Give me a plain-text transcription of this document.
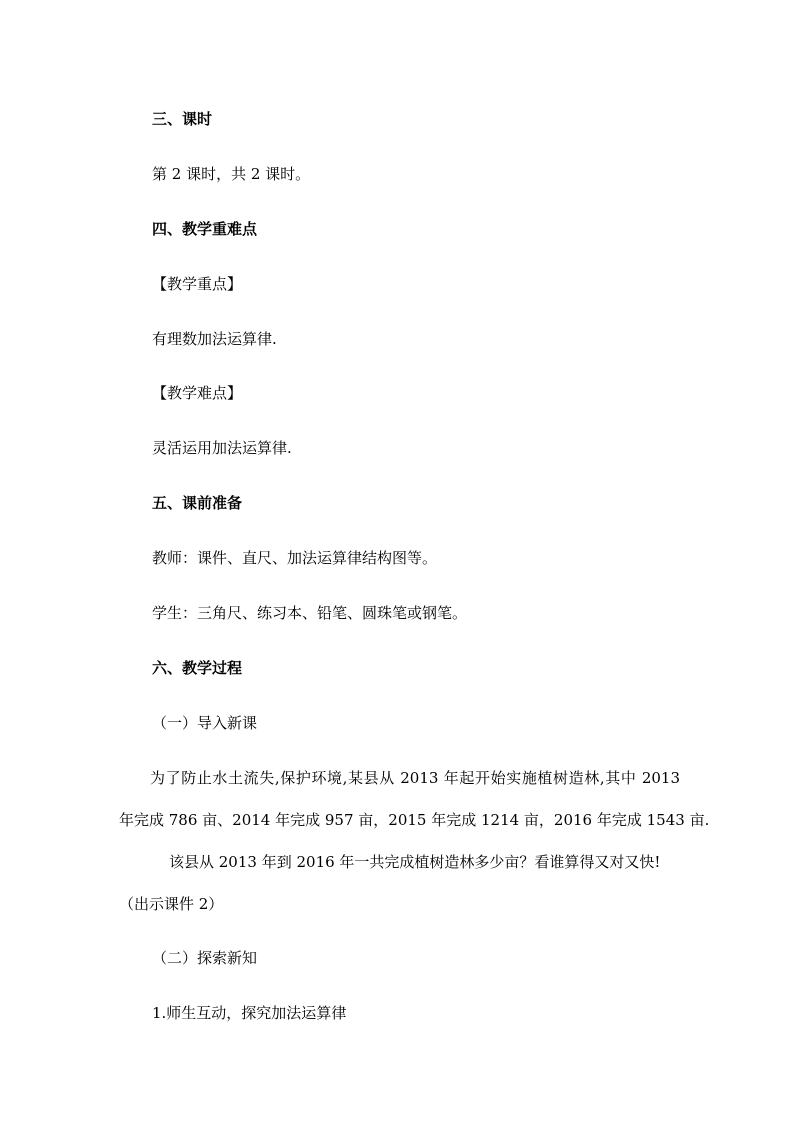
三、课时
第 2 课时，共 2 课时。
四、教学重难点
【教学重点】
有理数加法运算律.
【教学难点】
灵活运用加法运算律.
五、课前准备
教师：课件、直尺、加法运算律结构图等。
学生：三角尺、练习本、铅笔、圆珠笔或钢笔。
六、教学过程
（一）导入新课
为了防止水土流失,保护环境,某县从 2013 年起开始实施植树造林,其中 2013
年完成 786 亩、2014 年完成 957 亩，2015 年完成 1214 亩，2016 年完成 1543 亩.
该县从 2013 年到 2016 年一共完成植树造林多少亩？看谁算得又对又快!
（出示课件 2）
（二）探索新知
1.师生互动，探究加法运算律
